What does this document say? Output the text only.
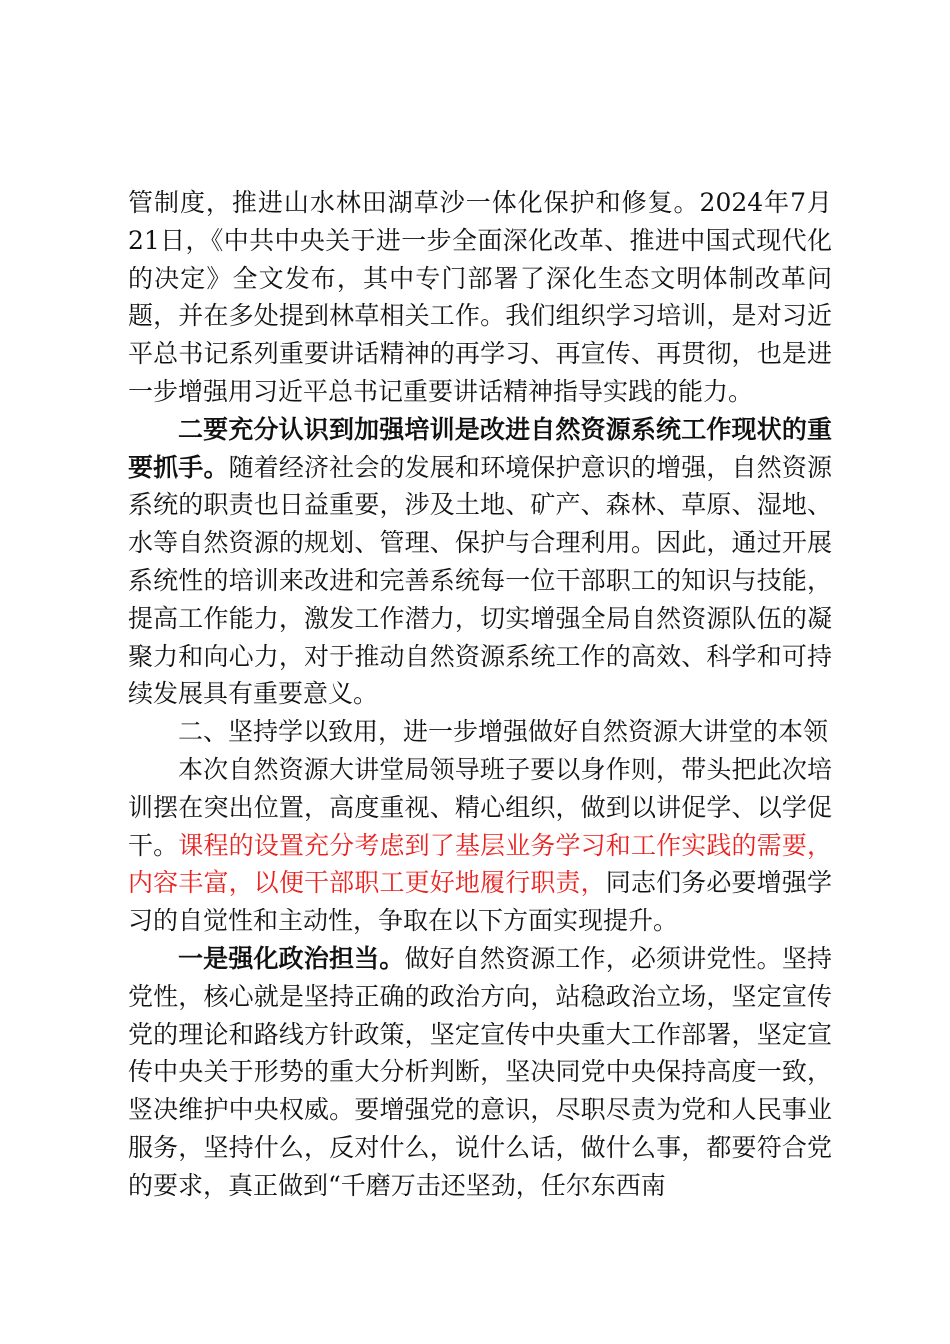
管制度，推进山水林田湖草沙一体化保护和修复。2024年7月21日，《中共中央关于进一步全面深化改革、推进中国式现代化的决定》全文发布，其中专门部署了深化生态文明体制改革问题，并在多处提到林草相关工作。我们组织学习培训，是对习近平总书记系列重要讲话精神的再学习、再宣传、再贯彻，也是进一步增强用习近平总书记重要讲话精神指导实践的能力。

二要充分认识到加强培训是改进自然资源系统工作现状的重要抓手。随着经济社会的发展和环境保护意识的增强，自然资源系统的职责也日益重要，涉及土地、矿产、森林、草原、湿地、水等自然资源的规划、管理、保护与合理利用。因此，通过开展系统性的培训来改进和完善系统每一位干部职工的知识与技能，提高工作能力，激发工作潜力，切实增强全局自然资源队伍的凝聚力和向心力，对于推动自然资源系统工作的高效、科学和可持续发展具有重要意义。

二、坚持学以致用，进一步增强做好自然资源大讲堂的本领

本次自然资源大讲堂局领导班子要以身作则，带头把此次培训摆在突出位置，高度重视、精心组织，做到以讲促学、以学促干。课程的设置充分考虑到了基层业务学习和工作实践的需要，内容丰富，以便干部职工更好地履行职责，同志们务必要增强学习的自觉性和主动性，争取在以下方面实现提升。

一是强化政治担当。做好自然资源工作，必须讲党性。坚持党性，核心就是坚持正确的政治方向，站稳政治立场，坚定宣传党的理论和路线方针政策，坚定宣传中央重大工作部署，坚定宣传中央关于形势的重大分析判断，坚决同党中央保持高度一致，竖决维护中央权威。要增强党的意识，尽职尽责为党和人民事业服务，坚持什么，反对什么，说什么话，做什么事，都要符合党的要求，真正做到“千磨万击还坚劲，任尔东西南
